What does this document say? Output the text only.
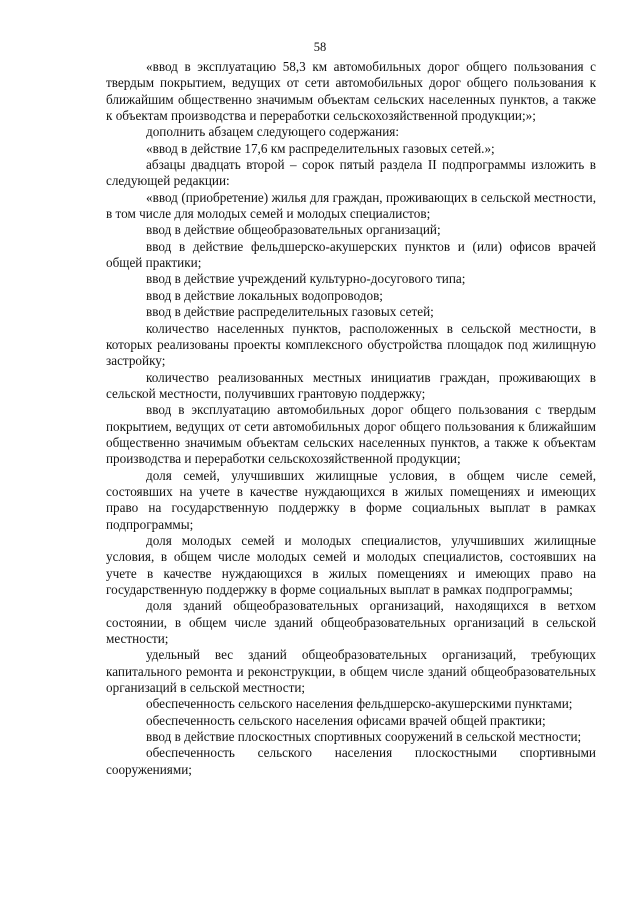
58

«ввод в эксплуатацию 58,3 км автомобильных дорог общего пользования с твердым покрытием, ведущих от сети автомобильных дорог общего пользования к ближайшим общественно значимым объектам сельских населенных пунктов, а также к объектам производства и переработки сельскохозяйственной продукции;»;

дополнить абзацем следующего содержания:

«ввод в действие 17,6 км распределительных газовых сетей.»;

абзацы двадцать второй – сорок пятый раздела II подпрограммы изложить в следующей редакции:

«ввод (приобретение) жилья для граждан, проживающих в сельской местности, в том числе для молодых семей и молодых специалистов;

ввод в действие общеобразовательных организаций;

ввод в действие фельдшерско-акушерских пунктов и (или) офисов врачей общей практики;

ввод в действие учреждений культурно-досугового типа;

ввод в действие локальных водопроводов;

ввод в действие распределительных газовых сетей;

количество населенных пунктов, расположенных в сельской местности, в которых реализованы проекты комплексного обустройства площадок под жилищную застройку;

количество реализованных местных инициатив граждан, проживающих в сельской местности, получивших грантовую поддержку;

ввод в эксплуатацию автомобильных дорог общего пользования с твердым покрытием, ведущих от сети автомобильных дорог общего пользования к ближайшим общественно значимым объектам сельских населенных пунктов, а также к объектам производства и переработки сельскохозяйственной продукции;

доля семей, улучшивших жилищные условия, в общем числе семей, состоявших на учете в качестве нуждающихся в жилых помещениях и имеющих право на государственную поддержку в форме социальных выплат в рамках подпрограммы;

доля молодых семей и молодых специалистов, улучшивших жилищные условия, в общем числе молодых семей и молодых специалистов, состоявших на учете в качестве нуждающихся в жилых помещениях и имеющих право на государственную поддержку в форме социальных выплат в рамках подпрограммы;

доля зданий общеобразовательных организаций, находящихся в ветхом состоянии, в общем числе зданий общеобразовательных организаций в сельской местности;

удельный вес зданий общеобразовательных организаций, требующих капитального ремонта и реконструкции, в общем числе зданий общеобразовательных организаций в сельской местности;

обеспеченность сельского населения фельдшерско-акушерскими пунктами;

обеспеченность сельского населения офисами врачей общей практики;

ввод в действие плоскостных спортивных сооружений в сельской местности;

обеспеченность сельского населения плоскостными спортивными сооружениями;
